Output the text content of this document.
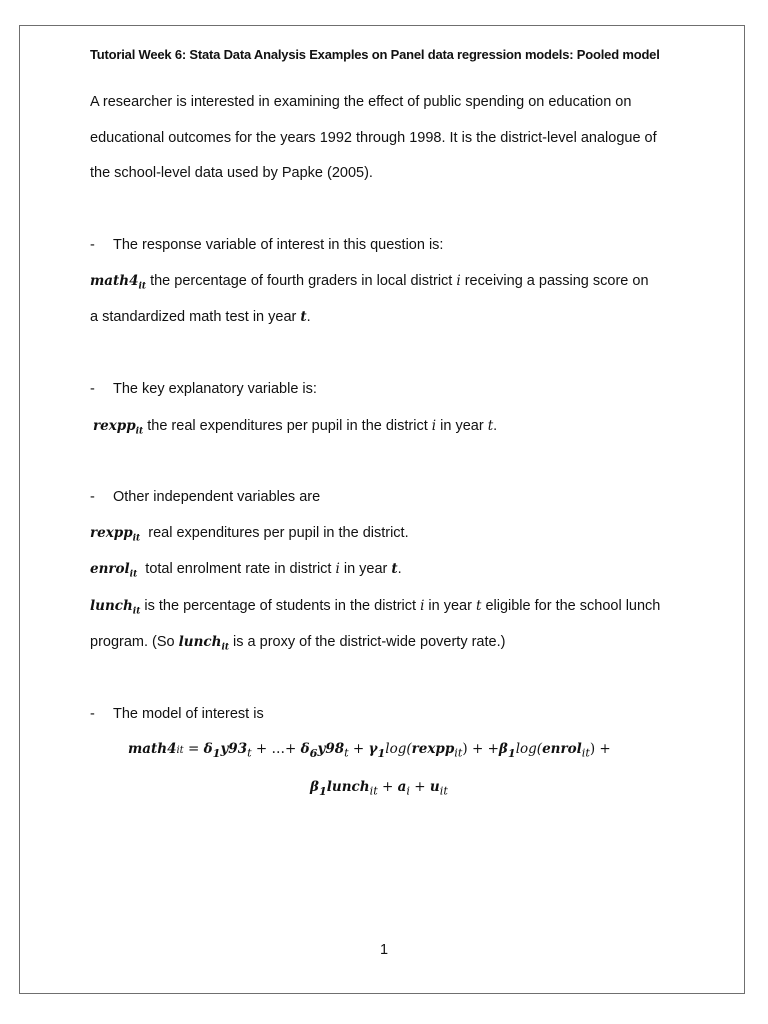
Tutorial Week 6: Stata Data Analysis Examples on Panel data regression models: Pooled model
A researcher is interested in examining the effect of public spending on education on
educational outcomes for the years 1992 through 1998. It is the district-level analogue of
the school-level data used by Papke (2005).
- The response variable of interest in this question is:
$math4_{it}$ the percentage of fourth graders in local district i receiving a passing score on
a standardized math test in year t.
- The key explanatory variable is:
rexpp$_{it}$ the real expenditures per pupil in the district i in year t.
- Other independent variables are
rexpp$_{it}$  real expenditures per pupil in the district.
enrol$_{it}$  total enrolment rate in district i in year t.
lunch$_{it}$ is the percentage of students in the district i in year t eligible for the school lunch
program. (So lunch$_{it}$ is a proxy of the district-wide poverty rate.)
- The model of interest is
math4it = $\delta_1y93_t$ + …+ $\delta_6y98_t + \gamma_1\log(rexpp_{it})$ + $+\beta_1\log(enrol_{it})$ +
$\beta_1lunch_{it} + a_i + u_{it}$
1
